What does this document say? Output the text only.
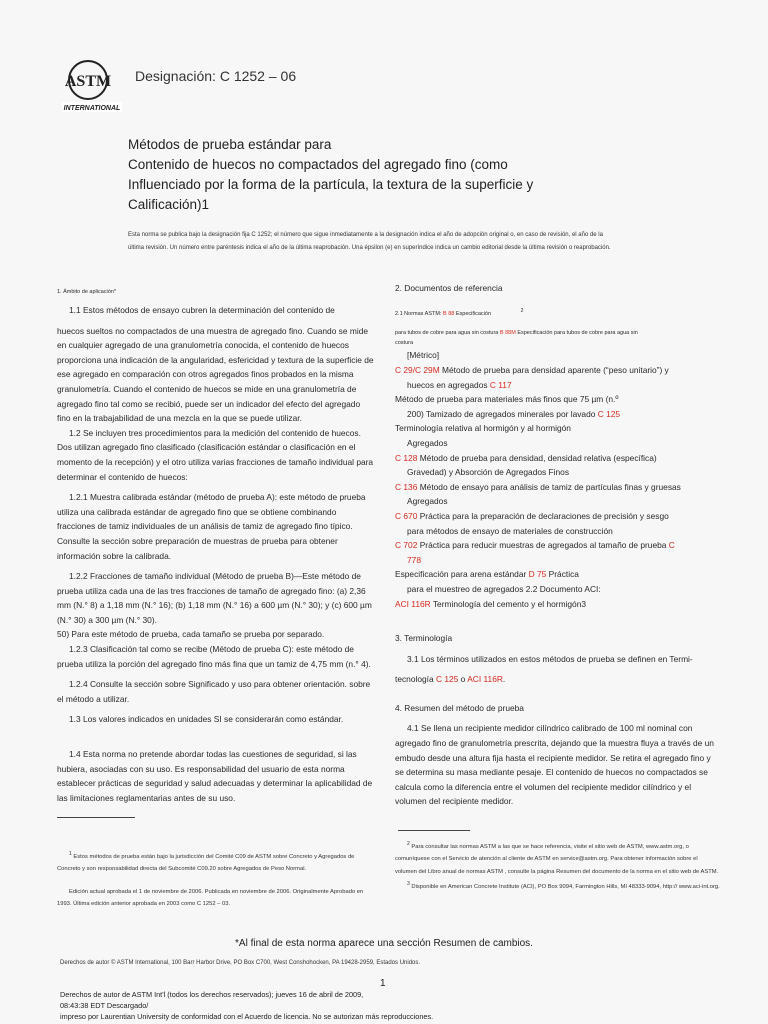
ASTM
INTERNATIONAL
Designación: C 1252 – 06
Métodos de prueba estándar para
Contenido de huecos no compactados del agregado fino (como
Influenciado por la forma de la partícula, la textura de la superficie y
Calificación)1
Esta norma se publica bajo la designación fija C 1252; el número que sigue inmediatamente a la designación indica el año de adopción original o, en caso de revisión, el año de la
última revisión. Un número entre paréntesis indica el año de la última reaprobación. Una épsilon (e) en superíndice indica un cambio editorial desde la última revisión o reaprobación.

1. Ámbito de aplicación*

1.1 Estos métodos de ensayo cubren la determinación del contenido de

huecos sueltos no compactados de una muestra de agregado fino. Cuando se mide en cualquier agregado de una granulometría conocida, el contenido de huecos proporciona una indicación de la angularidad, esfericidad y textura de la superficie de ese agregado en comparación con otros agregados finos probados en la misma granulometría. Cuando el contenido de huecos se mide en una granulometría de agregado fino tal como se recibió, puede ser un indicador del efecto del agregado fino en la trabajabilidad de una mezcla en la que se puede utilizar.

1.2 Se incluyen tres procedimientos para la medición del contenido de huecos.

Dos utilizan agregado fino clasificado (clasificación estándar o clasificación en el momento de la recepción) y el otro utiliza varias fracciones de tamaño individual para determinar el contenido de huecos:

1.2.1 Muestra calibrada estándar (método de prueba A): este método de prueba utiliza una calibrada estándar de agregado fino que se obtiene combinando fracciones de tamiz individuales de un análisis de tamiz de agregado fino típico. Consulte la sección sobre preparación de muestras de prueba para obtener información sobre la calibrada.

1.2.2 Fracciones de tamaño individual (Método de prueba B)—Este método de prueba utiliza cada una de las tres fracciones de tamaño de agregado fino: (a) 2,36 mm (N.° 8) a 1,18 mm (N.° 16); (b) 1,18 mm (N.° 16) a 600 µm (N.° 30); y (c) 600 µm (N.° 30) a 300 µm (N.° 30).

50) Para este método de prueba, cada tamaño se prueba por separado.

1.2.3 Clasificación tal como se recibe (Método de prueba C): este método de prueba utiliza la porción del agregado fino más fina que un tamiz de 4,75 mm (n.° 4).

1.2.4 Consulte la sección sobre Significado y uso para obtener orientación. sobre el método a utilizar.

1.3 Los valores indicados en unidades SI se considerarán como estándar.

1.4 Esta norma no pretende abordar todas las cuestiones de seguridad, si las hubiera, asociadas con su uso. Es responsabilidad del usuario de esta norma establecer prácticas de seguridad y salud adecuadas y determinar la aplicabilidad de las limitaciones reglamentarias antes de su uso.

2. Documentos de referencia

2.1 Normas ASTM: B 88 Especificación	$^2$

para tubos de cobre para agua sin costura B 88M Especificación para tubos de cobre para agua sin
costura

[Métrico]

C 29/C 29M Método de prueba para densidad aparente (“peso unitario”) y
huecos en agregados C 117

Método de prueba para materiales más finos que 75 µm (n.º
200) Tamizado de agregados minerales por lavado C 125

Terminología relativa al hormigón y al hormigón
Agregados

C 128 Método de prueba para densidad, densidad relativa (específica)
Gravedad) y Absorción de Agregados Finos

C 136 Método de ensayo para análisis de tamiz de partículas finas y gruesas
Agregados

C 670 Práctica para la preparación de declaraciones de precisión y sesgo
para métodos de ensayo de materiales de construcción

C 702 Práctica para reducir muestras de agregados al tamaño de prueba C
778

Especificación para arena estándar D 75 Práctica
para el muestreo de agregados 2.2 Documento ACI:

ACI 116R Terminología del cemento y el hormigón3

3. Terminología

3.1 Los términos utilizados en estos métodos de prueba se definen en Termi-

tecnología C 125 o ACI 116R.

4. Resumen del método de prueba

4.1 Se llena un recipiente medidor cilíndrico calibrado de 100 ml nominal con agregado fino de granulometría prescrita, dejando que la muestra fluya a través de un embudo desde una altura fija hasta el recipiente medidor. Se retira el agregado fino y se determina su masa mediante pesaje. El contenido de huecos no compactados se calcula como la diferencia entre el volumen del recipiente medidor cilíndrico y el volumen del recipiente medidor.

$^1$ Estos métodos de prueba están bajo la jurisdicción del Comité C09 de ASTM sobre Concreto y Agregados de Concreto y son responsabilidad directa del Subcomité C09.20 sobre Agregados de Peso Normal.

Edición actual aprobada el 1 de noviembre de 2006. Publicada en noviembre de 2006. Originalmente Aprobado en 1993. Última edición anterior aprobada en 2003 como C 1252 – 03.

$^2$ Para consultar las normas ASTM a las que se hace referencia, visite el sitio web de ASTM, www.astm.org, o comuníquese con el Servicio de atención al cliente de ASTM en service@astm.org. Para obtener información sobre el volumen del Libro anual de normas ASTM , consulte la página Resumen del documento de la norma en el sitio web de ASTM.

$^3$ Disponible en American Concrete Institute (ACI), PO Box 9094, Farmington Hills, MI 48333-9094, http:// www.aci-int.org.

*Al final de esta norma aparece una sección Resumen de cambios.
Derechos de autor © ASTM International, 100 Barr Harbor Drive, PO Box C700, West Conshohocken, PA 19428-2959, Estados Unidos.
1
Derechos de autor de ASTM Int'l (todos los derechos reservados); jueves 16 de abril de 2009,
08:43:38 EDT Descargado/
impreso por Laurentian University de conformidad con el Acuerdo de licencia. No se autorizan más reproducciones.
